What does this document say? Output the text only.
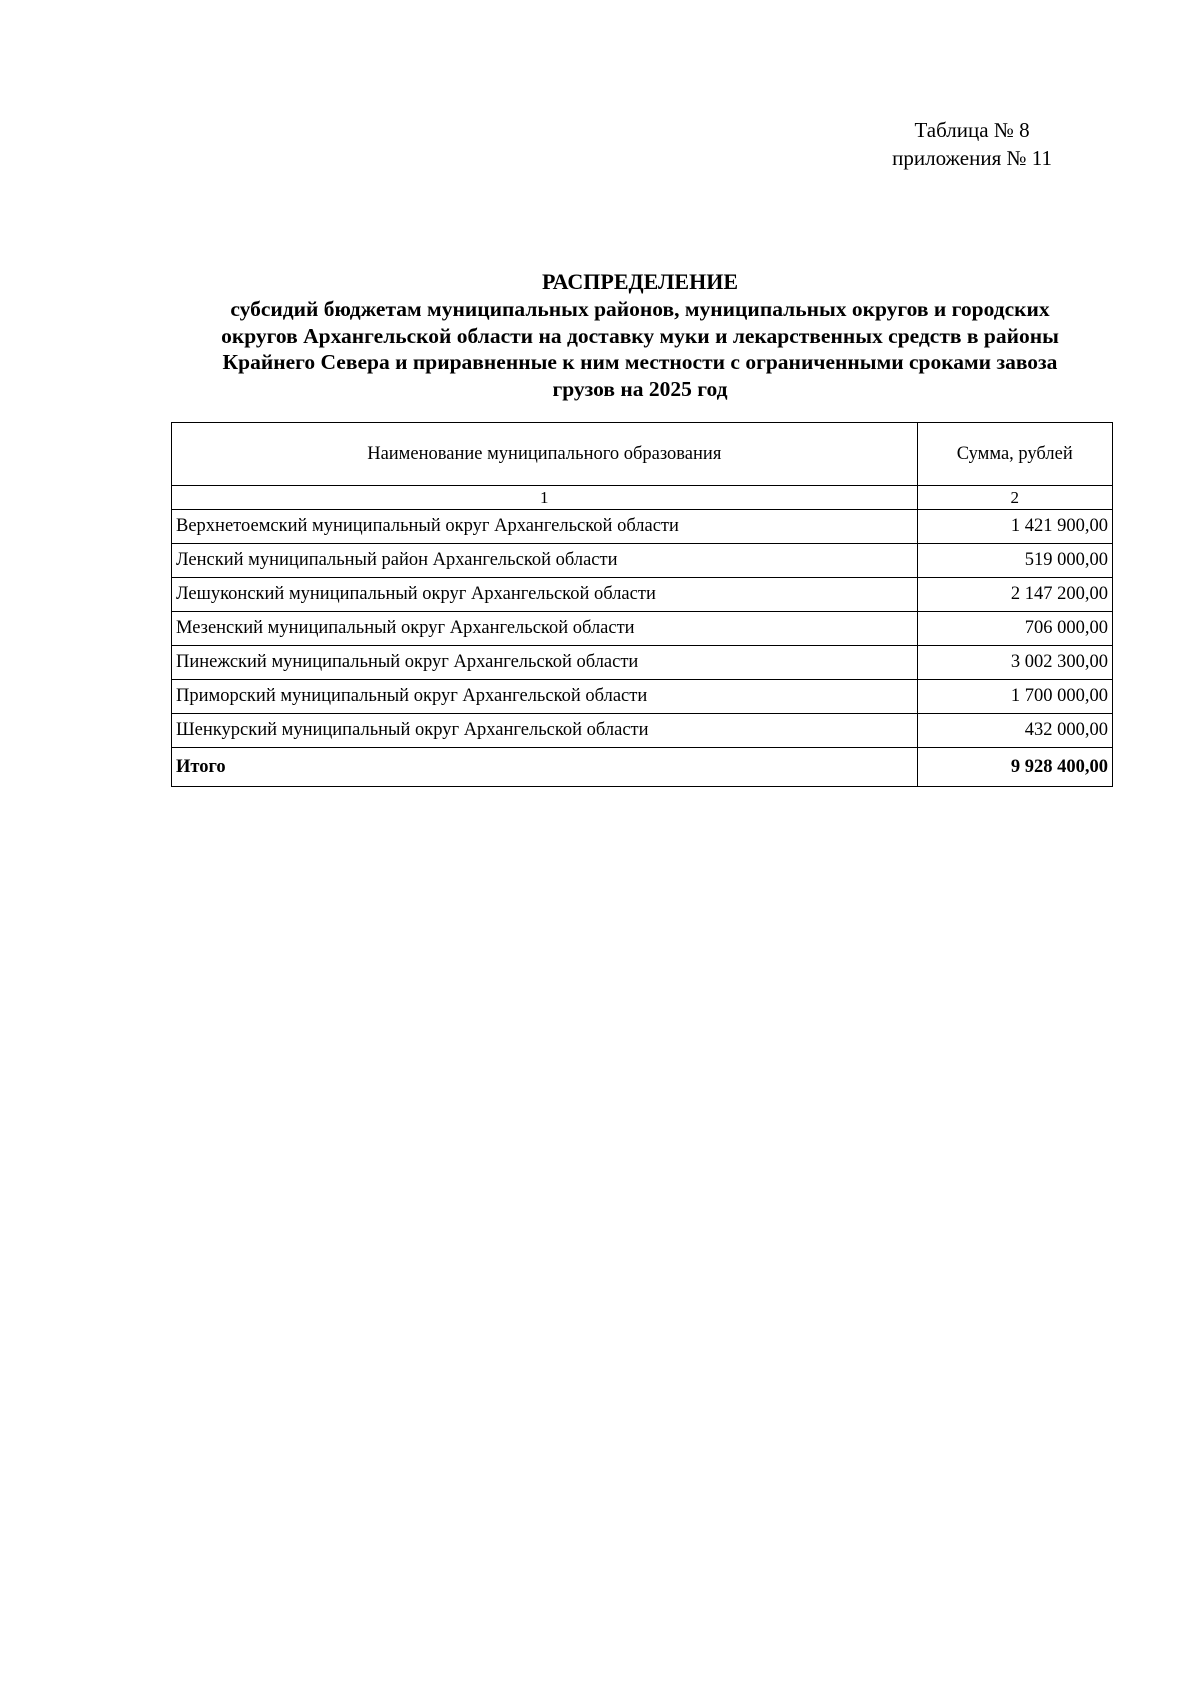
Таблица № 8
приложения № 11
РАСПРЕДЕЛЕНИЕ
субсидий бюджетам муниципальных районов, муниципальных округов и городских
округов Архангельской области на доставку муки и лекарственных средств в районы
Крайнего Севера и приравненные к ним местности с ограниченными сроками завоза
грузов на 2025 год
Наименование муниципального образования	Сумма, рублей
1	2
Верхнетоемский муниципальный округ Архангельской области	1 421 900,00
Ленский муниципальный район Архангельской области	519 000,00
Лешуконский муниципальный округ Архангельской области	2 147 200,00
Мезенский муниципальный округ Архангельской области	706 000,00
Пинежский муниципальный округ Архангельской области	3 002 300,00
Приморский муниципальный округ Архангельской области	1 700 000,00
Шенкурский муниципальный округ Архангельской области	432 000,00
Итого	9 928 400,00
